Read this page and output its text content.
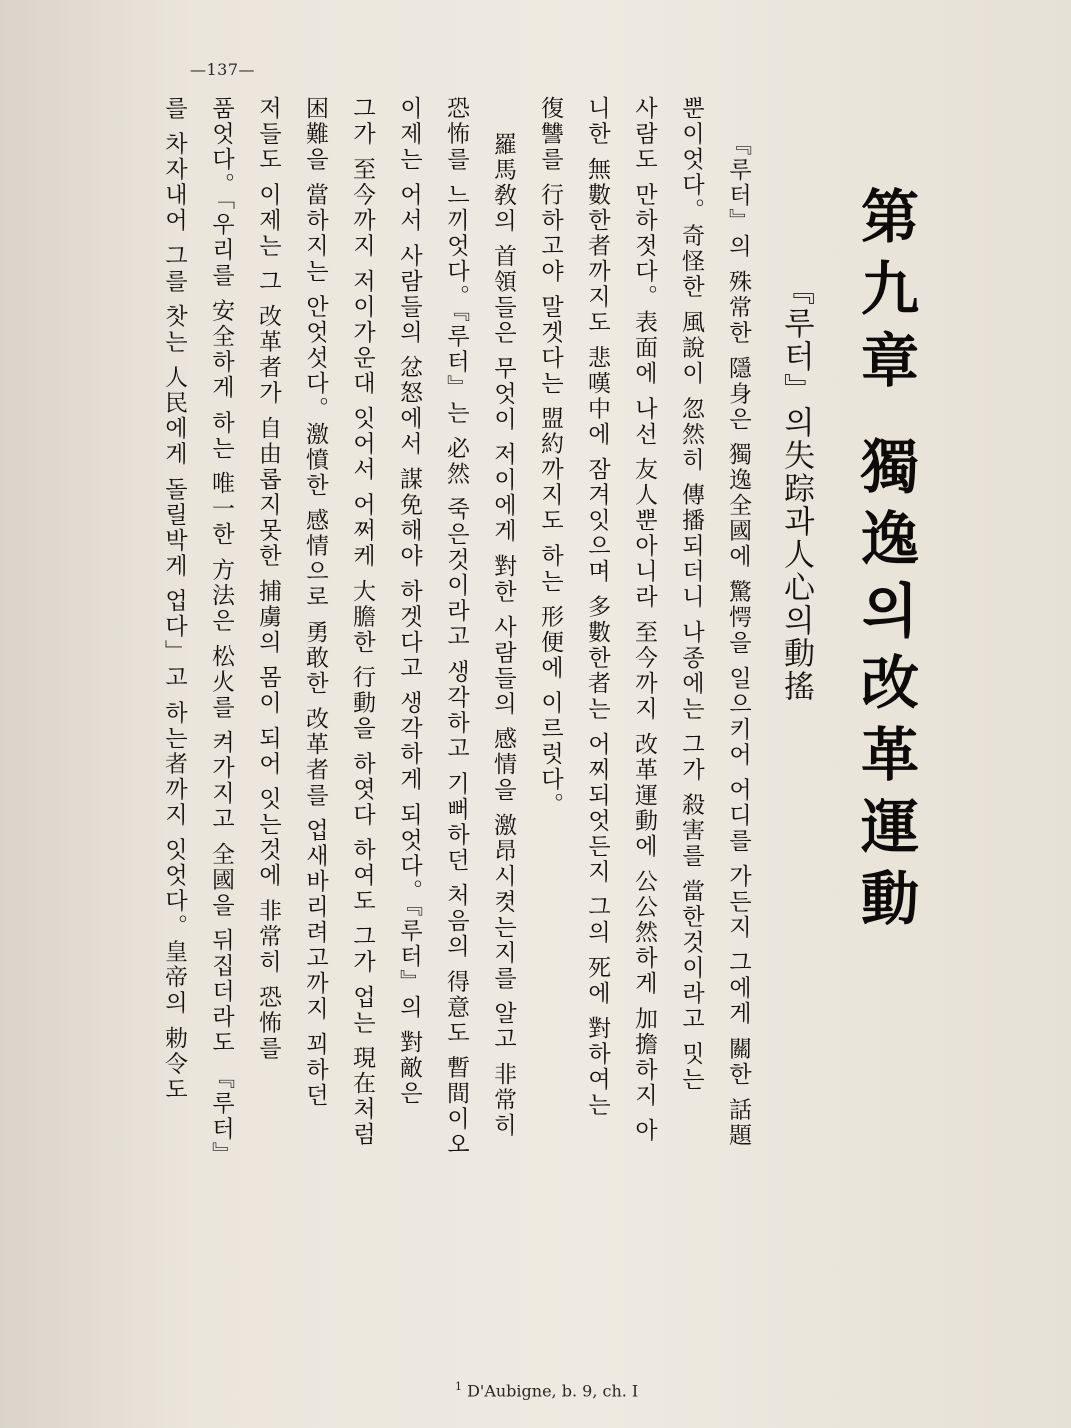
—137—
第九章 獨逸의改革運動
『루터』의失踪과人心의動搖
『루터』의 殊常한 隱身은 獨逸全國에 驚愕을 일으키어 어디를 가든지 그에게 關한 話題
뿐이엇다。奇怪한 風說이 忽然히 傳播되더니 나종에는 그가 殺害를 當한것이라고 밋는
사람도 만하젓다。表面에 나선 友人뿐아니라 至今까지 改革運動에 公公然하게 加擔하지 아
니한 無數한者까지도 悲嘆中에 잠겨잇으며 多數한者는 어찌되엇든지 그의 死에 對하여는
復讐를 行하고야 말겟다는 盟約까지도 하는 形便에 이르럿다。
羅馬敎의 首領들은 무엇이 저이에게 對한 사람들의 感情을 激昂시켯는지를 알고 非常히
恐怖를 느끼엇다。『루터』는 必然 죽은것이라고 생각하고 기뻐하던 처음의 得意도 暫間이오
이제는 어서 사람들의 忿怒에서 謀免해야 하겟다고 생각하게 되엇다。『루터』의 對敵은
그가 至今까지 저이가운대 잇어서 어쩌케 大膽한 行動을 하엿다 하여도 그가 업는 現在처럼
困難을 當하지는 안엇섯다。激憤한 感情으로 勇敢한 改革者를 업새바리려고까지 꾀하던
저들도 이제는 그 改革者가 自由롭지못한 捕虜의 몸이 되어 잇는것에 非常히 恐怖를
품엇다。「우리를 安全하게 하는 唯一한 方法은 松火를 켜가지고 全國을 뒤집더라도 『루터』
를 차자내어 그를 찻는 人民에게 돌릴박게 업다」고 하는者까지 잇엇다。皇帝의 勅令도
$^1$ D'Aubigne, b. 9, ch. I
